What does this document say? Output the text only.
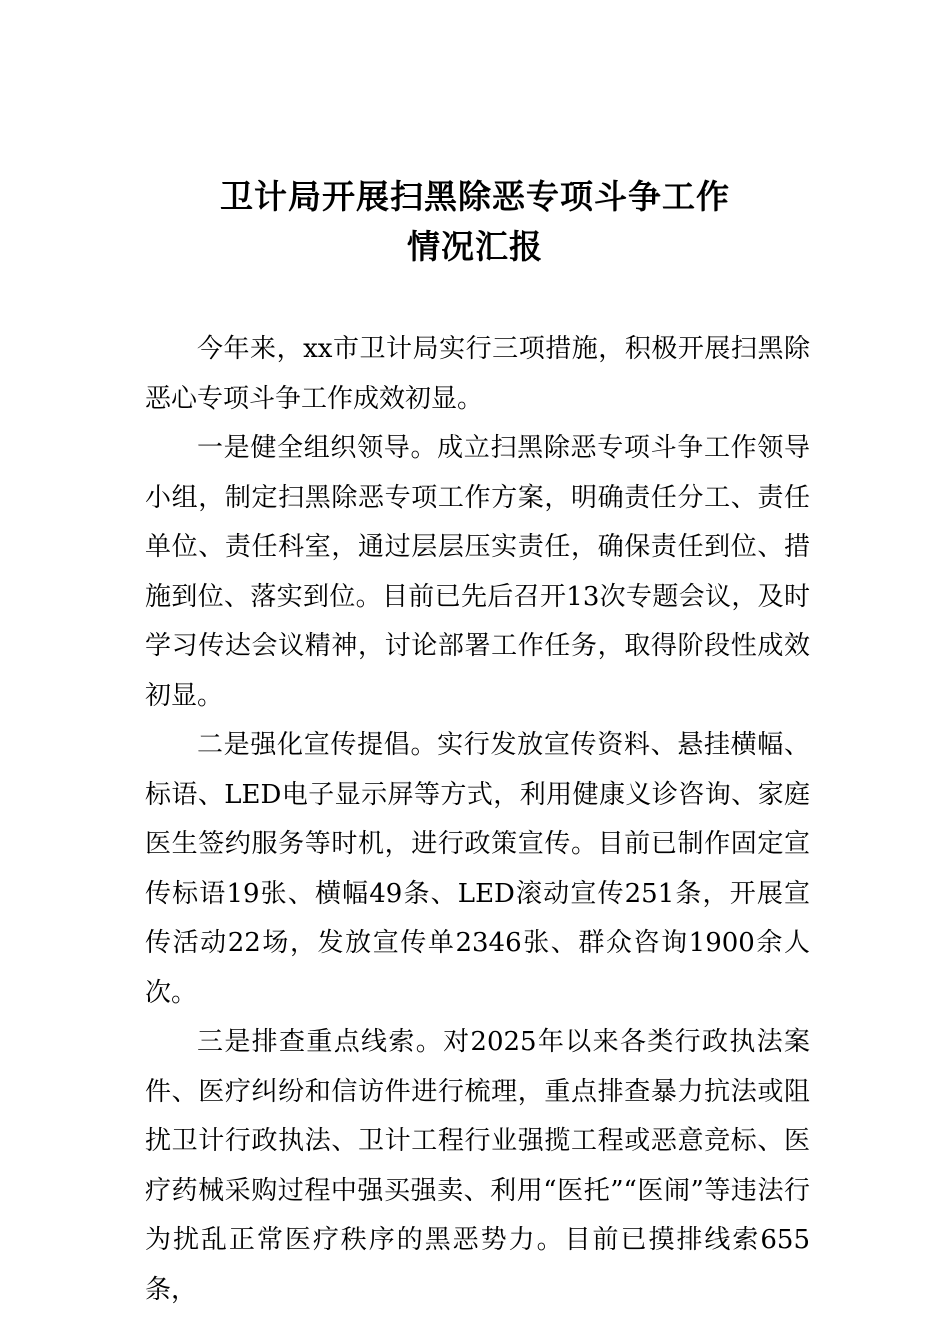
卫计局开展扫黑除恶专项斗争工作
情况汇报

今年来，xx市卫计局实行三项措施，积极开展扫黑除恶心专项斗争工作成效初显。

一是健全组织领导。成立扫黑除恶专项斗争工作领导小组，制定扫黑除恶专项工作方案，明确责任分工、责任单位、责任科室，通过层层压实责任，确保责任到位、措施到位、落实到位。目前已先后召开13次专题会议，及时学习传达会议精神，讨论部署工作任务，取得阶段性成效初显。

二是强化宣传提倡。实行发放宣传资料、悬挂横幅、标语、LED电子显示屏等方式，利用健康义诊咨询、家庭医生签约服务等时机，进行政策宣传。目前已制作固定宣传标语19张、横幅49条、LED滚动宣传251条，开展宣传活动22场，发放宣传单2346张、群众咨询1900余人次。

三是排查重点线索。对2025年以来各类行政执法案件、医疗纠纷和信访件进行梳理，重点排查暴力抗法或阻扰卫计行政执法、卫计工程行业强揽工程或恶意竞标、医疗药械采购过程中强买强卖、利用“医托”“医闹”等违法行为扰乱正常医疗秩序的黑恶势力。目前已摸排线索655条，
